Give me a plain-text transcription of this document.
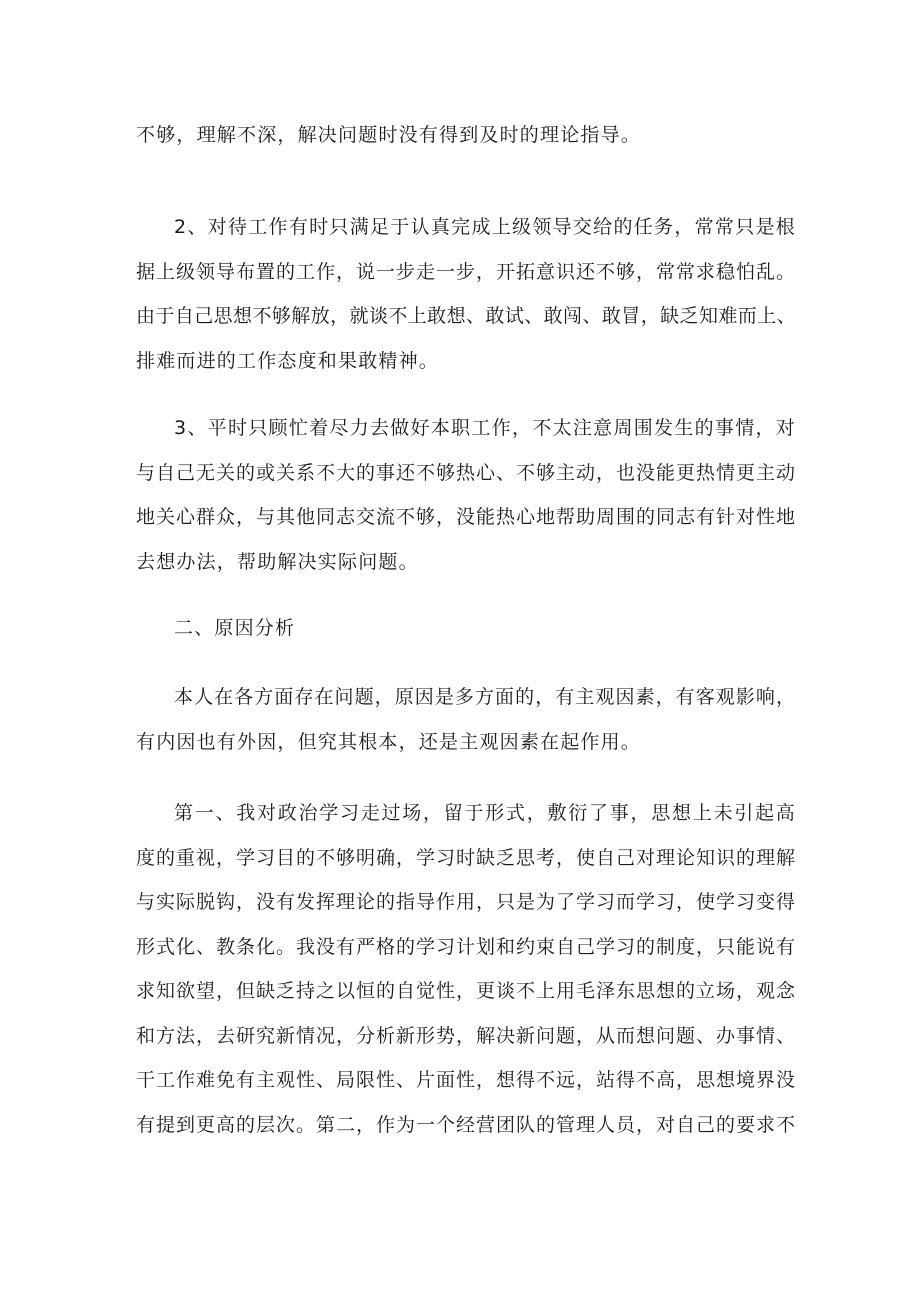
不够，理解不深，解决问题时没有得到及时的理论指导。
2、对待工作有时只满足于认真完成上级领导交给的任务，常常只是根
据上级领导布置的工作，说一步走一步，开拓意识还不够，常常求稳怕乱。
由于自己思想不够解放，就谈不上敢想、敢试、敢闯、敢冒，缺乏知难而上、
排难而进的工作态度和果敢精神。
3、平时只顾忙着尽力去做好本职工作，不太注意周围发生的事情，对
与自己无关的或关系不大的事还不够热心、不够主动，也没能更热情更主动
地关心群众，与其他同志交流不够，没能热心地帮助周围的同志有针对性地
去想办法，帮助解决实际问题。
二、原因分析
本人在各方面存在问题，原因是多方面的，有主观因素，有客观影响，
有内因也有外因，但究其根本，还是主观因素在起作用。
第一、我对政治学习走过场，留于形式，敷衍了事，思想上未引起高
度的重视，学习目的不够明确，学习时缺乏思考，使自己对理论知识的理解
与实际脱钩，没有发挥理论的指导作用，只是为了学习而学习，使学习变得
形式化、教条化。我没有严格的学习计划和约束自己学习的制度，只能说有
求知欲望，但缺乏持之以恒的自觉性，更谈不上用毛泽东思想的立场，观念
和方法，去研究新情况，分析新形势，解决新问题，从而想问题、办事情、
干工作难免有主观性、局限性、片面性，想得不远，站得不高，思想境界没
有提到更高的层次。第二，作为一个经营团队的管理人员，对自己的要求不
